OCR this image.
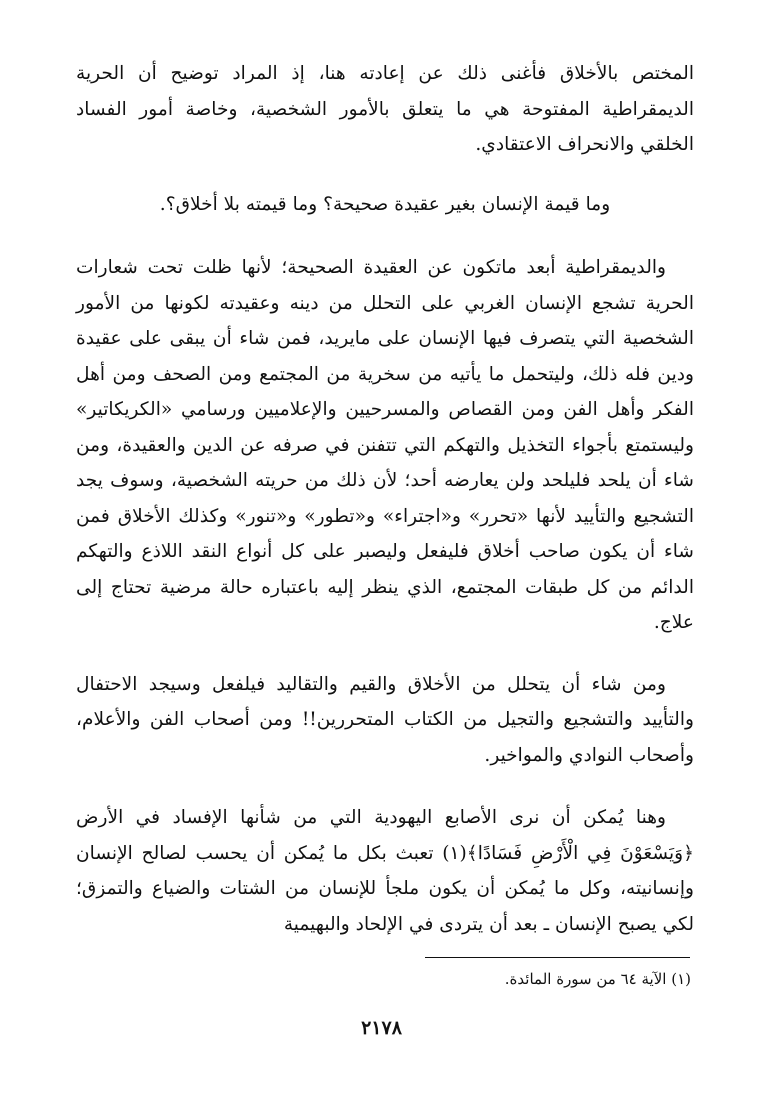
المختص بالأخلاق فأغنى ذلك عن إعادته هنا، إذ المراد توضيح أن الحرية الديمقراطية المفتوحة هي ما يتعلق بالأمور الشخصية، وخاصة أمور الفساد الخلقي والانحراف الاعتقادي.

وما قيمة الإنسان بغير عقيدة صحيحة؟ وما قيمته بلا أخلاق؟.

والديمقراطية أبعد ماتكون عن العقيدة الصحيحة؛ لأنها ظلت تحت شعارات الحرية تشجع الإنسان الغربي على التحلل من دينه وعقيدته لكونها من الأمور الشخصية التي يتصرف فيها الإنسان على مايريد، فمن شاء أن يبقى على عقيدة ودين فله ذلك، وليتحمل ما يأتيه من سخرية من المجتمع ومن الصحف ومن أهل الفكر وأهل الفن ومن القصاص والمسرحيين والإعلاميين ورسامي «الكريكاتير» وليستمتع بأجواء التخذيل والتهكم التي تتفنن في صرفه عن الدين والعقيدة، ومن شاء أن يلحد فليلحد ولن يعارضه أحد؛ لأن ذلك من حريته الشخصية، وسوف يجد التشجيع والتأييد لأنها «تحرر» و«اجتراء» و«تطور» و«تنور» وكذلك الأخلاق فمن شاء أن يكون صاحب أخلاق فليفعل وليصبر على كل أنواع النقد اللاذع والتهكم الدائم من كل طبقات المجتمع، الذي ينظر إليه باعتباره حالة مرضية تحتاج إلى علاج.

ومن شاء أن يتحلل من الأخلاق والقيم والتقاليد فيلفعل وسيجد الاحتفال والتأييد والتشجيع والتجيل من الكتاب المتحررين!! ومن أصحاب الفن والأعلام، وأصحاب النوادي والمواخير.

وهنا يُمكن أن نرى الأصابع اليهودية التي من شأنها الإفساد في الأرض ﴿وَيَسْعَوْنَ فِي الْأَرْضِ فَسَادًا﴾(١) تعبث بكل ما يُمكن أن يحسب لصالح الإنسان وإنسانيته، وكل ما يُمكن أن يكون ملجأ للإنسان من الشتات والضياع والتمزق؛ لكي يصبح الإنسان ـ بعد أن يتردى في الإلحاد والبهيمية

(١) الآية ٦٤ من سورة المائدة.
٢١٧٨
